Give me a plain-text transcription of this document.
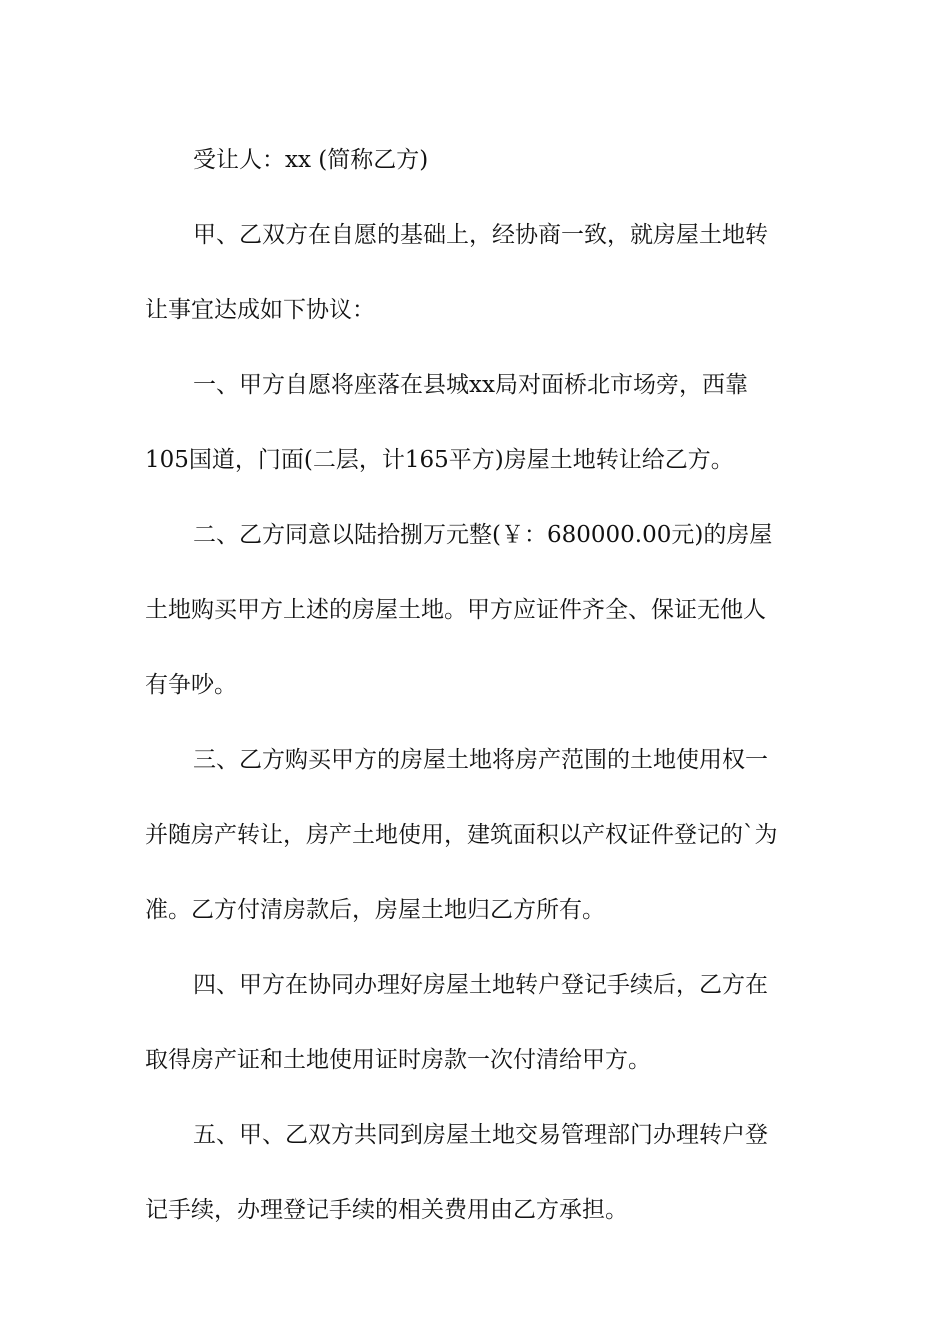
受让人：xx (简称乙方)
甲、乙双方在自愿的基础上，经协商一致，就房屋土地转
让事宜达成如下协议：
一、甲方自愿将座落在县城xx局对面桥北市场旁，西靠
105国道，门面(二层，计165平方)房屋土地转让给乙方。
二、乙方同意以陆拾捌万元整(￥：680000.00元)的房屋
土地购买甲方上述的房屋土地。甲方应证件齐全、保证无他人
有争吵。
三、乙方购买甲方的房屋土地将房产范围的土地使用权一
并随房产转让，房产土地使用，建筑面积以产权证件登记的`为
准。乙方付清房款后，房屋土地归乙方所有。
四、甲方在协同办理好房屋土地转户登记手续后，乙方在
取得房产证和土地使用证时房款一次付清给甲方。
五、甲、乙双方共同到房屋土地交易管理部门办理转户登
记手续，办理登记手续的相关费用由乙方承担。
